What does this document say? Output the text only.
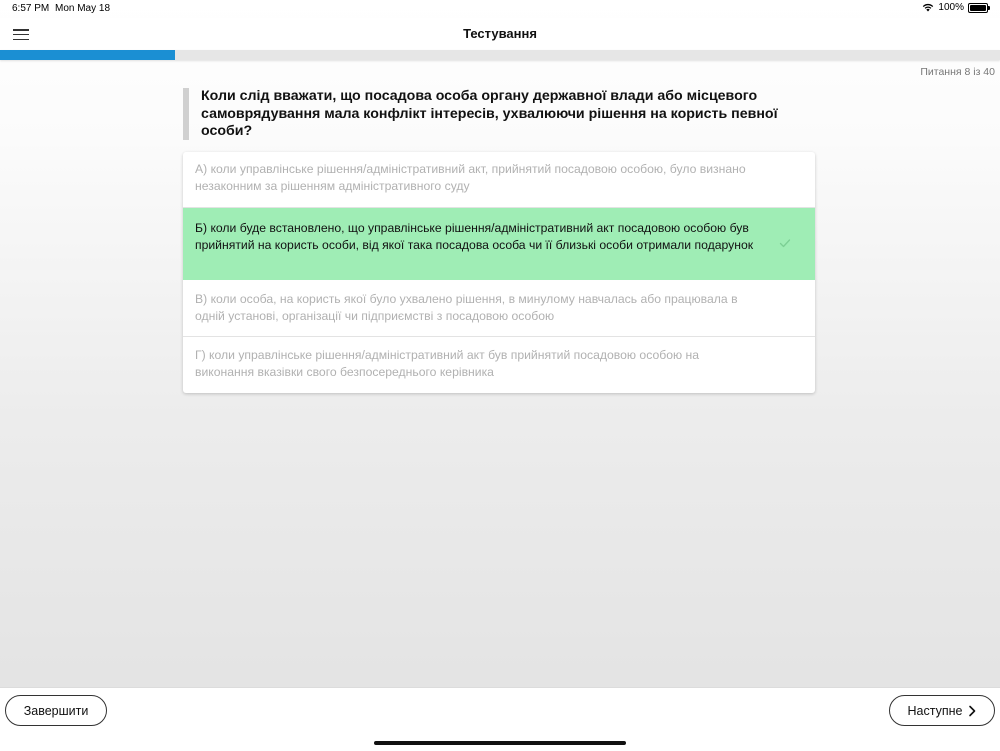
6:57 PM Mon May 18	100%
Тестування
Питання 8 із 40
Коли слід вважати, що посадова особа органу державної влади або місцевого самоврядування мала конфлікт інтересів, ухвалюючи рішення на користь певної особи?
А) коли управлінське рішення/адміністративний акт, прийнятий посадовою особою, було визнано незаконним за рішенням адміністративного суду
Б) коли буде встановлено, що управлінське рішення/адміністративний акт посадовою особою був прийнятий на користь особи, від якої така посадова особа чи її близькі особи отримали подарунок
В) коли особа, на користь якої було ухвалено рішення, в минулому навчалась або працювала в одній установі, організації чи підприємстві з посадовою особою
Г) коли управлінське рішення/адміністративний акт був прийнятий посадовою особою на виконання вказівки свого безпосереднього керівника
Завершити	Наступне
